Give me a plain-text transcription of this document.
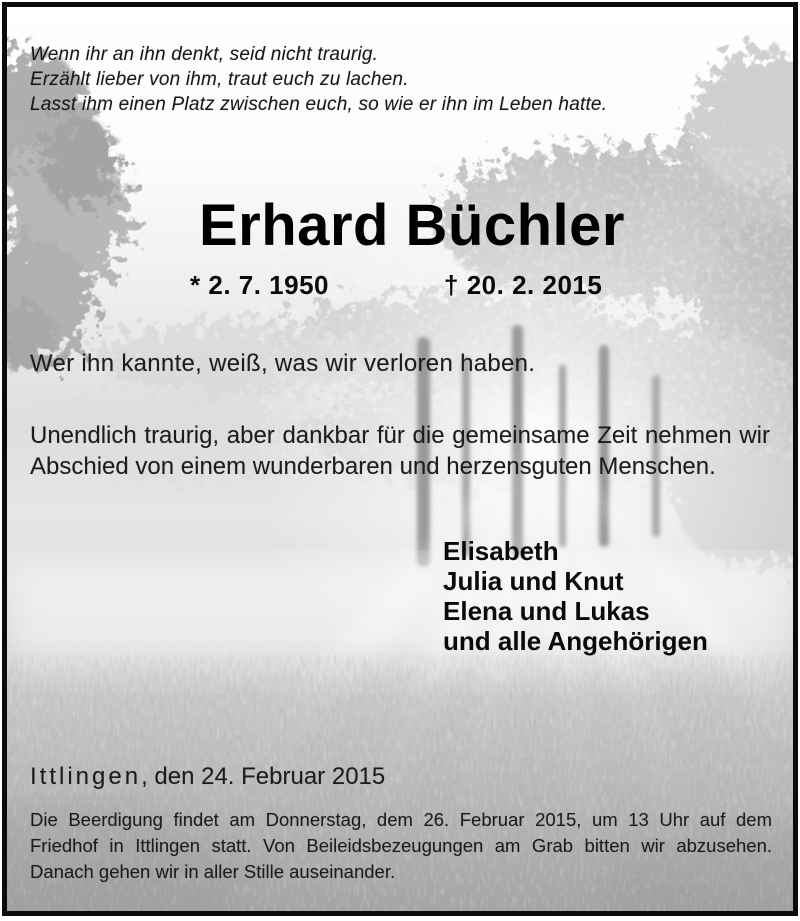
Wenn ihr an ihn denkt, seid nicht traurig.
Erzählt lieber von ihm, traut euch zu lachen.
Lasst ihm einen Platz zwischen euch, so wie er ihn im Leben hatte.
Erhard Büchler
* 2. 7. 1950	† 20. 2. 2015

Wer ihn kannte, weiß, was wir verloren haben.

Unendlich traurig, aber dankbar für die gemeinsame Zeit nehmen wir Abschied von einem wunderbaren und herzensguten Menschen.

Elisabeth
Julia und Knut
Elena und Lukas
und alle Angehörigen

Ittlingen, den 24. Februar 2015

Die Beerdigung findet am Donnerstag, dem 26. Februar 2015, um 13 Uhr auf dem Friedhof in Ittlingen statt. Von Beileidsbezeugungen am Grab bitten wir abzusehen. Danach gehen wir in aller Stille auseinander.
